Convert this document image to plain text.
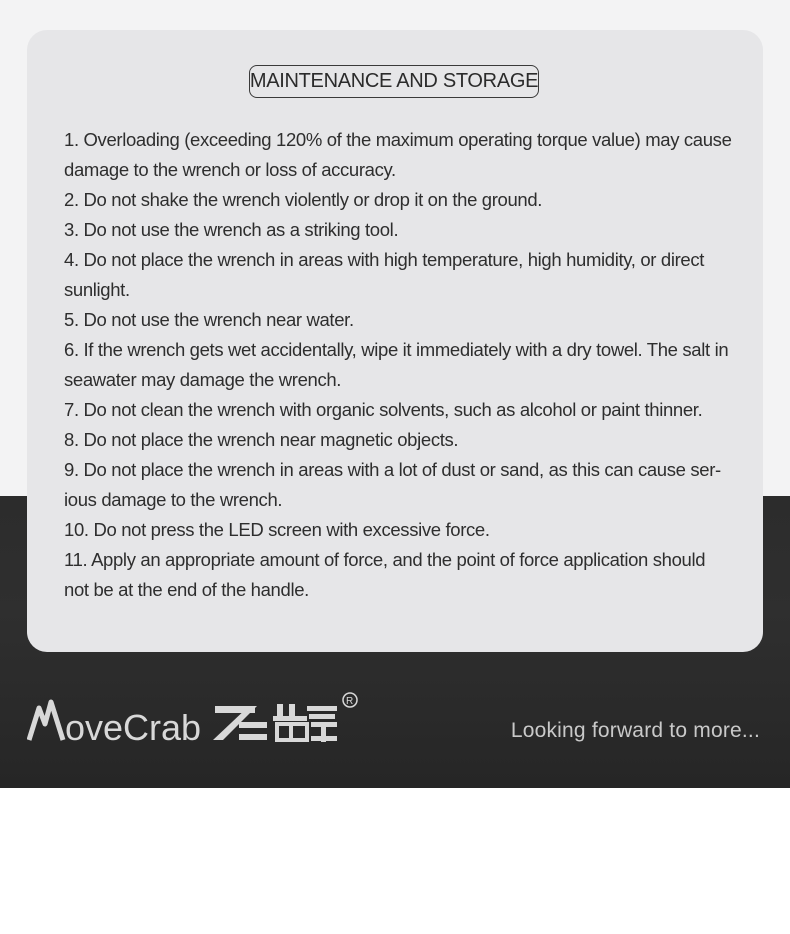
MAINTENANCE AND STORAGE
1. Overloading (exceeding 120% of the maximum operating torque value) may cause damage to the wrench or loss of accuracy.
2. Do not shake the wrench violently or drop it on the ground.
3. Do not use the wrench as a striking tool.
4. Do not place the wrench in areas with high temperature, high humidity, or direct sunlight.
5. Do not use the wrench near water.
6. If the wrench gets wet accidentally, wipe it immediately with a dry towel. The salt in seawater may damage the wrench.
7. Do not clean the wrench with organic solvents, such as alcohol or paint thinner.
8. Do not place the wrench near magnetic objects.
9. Do not place the wrench in areas with a lot of dust or sand, as this can cause ser-ious damage to the wrench.
10. Do not press the LED screen with excessive force.
11. Apply an appropriate amount of force, and the point of force application should not be at the end of the handle.
oveCrab
R
Looking forward to more...
